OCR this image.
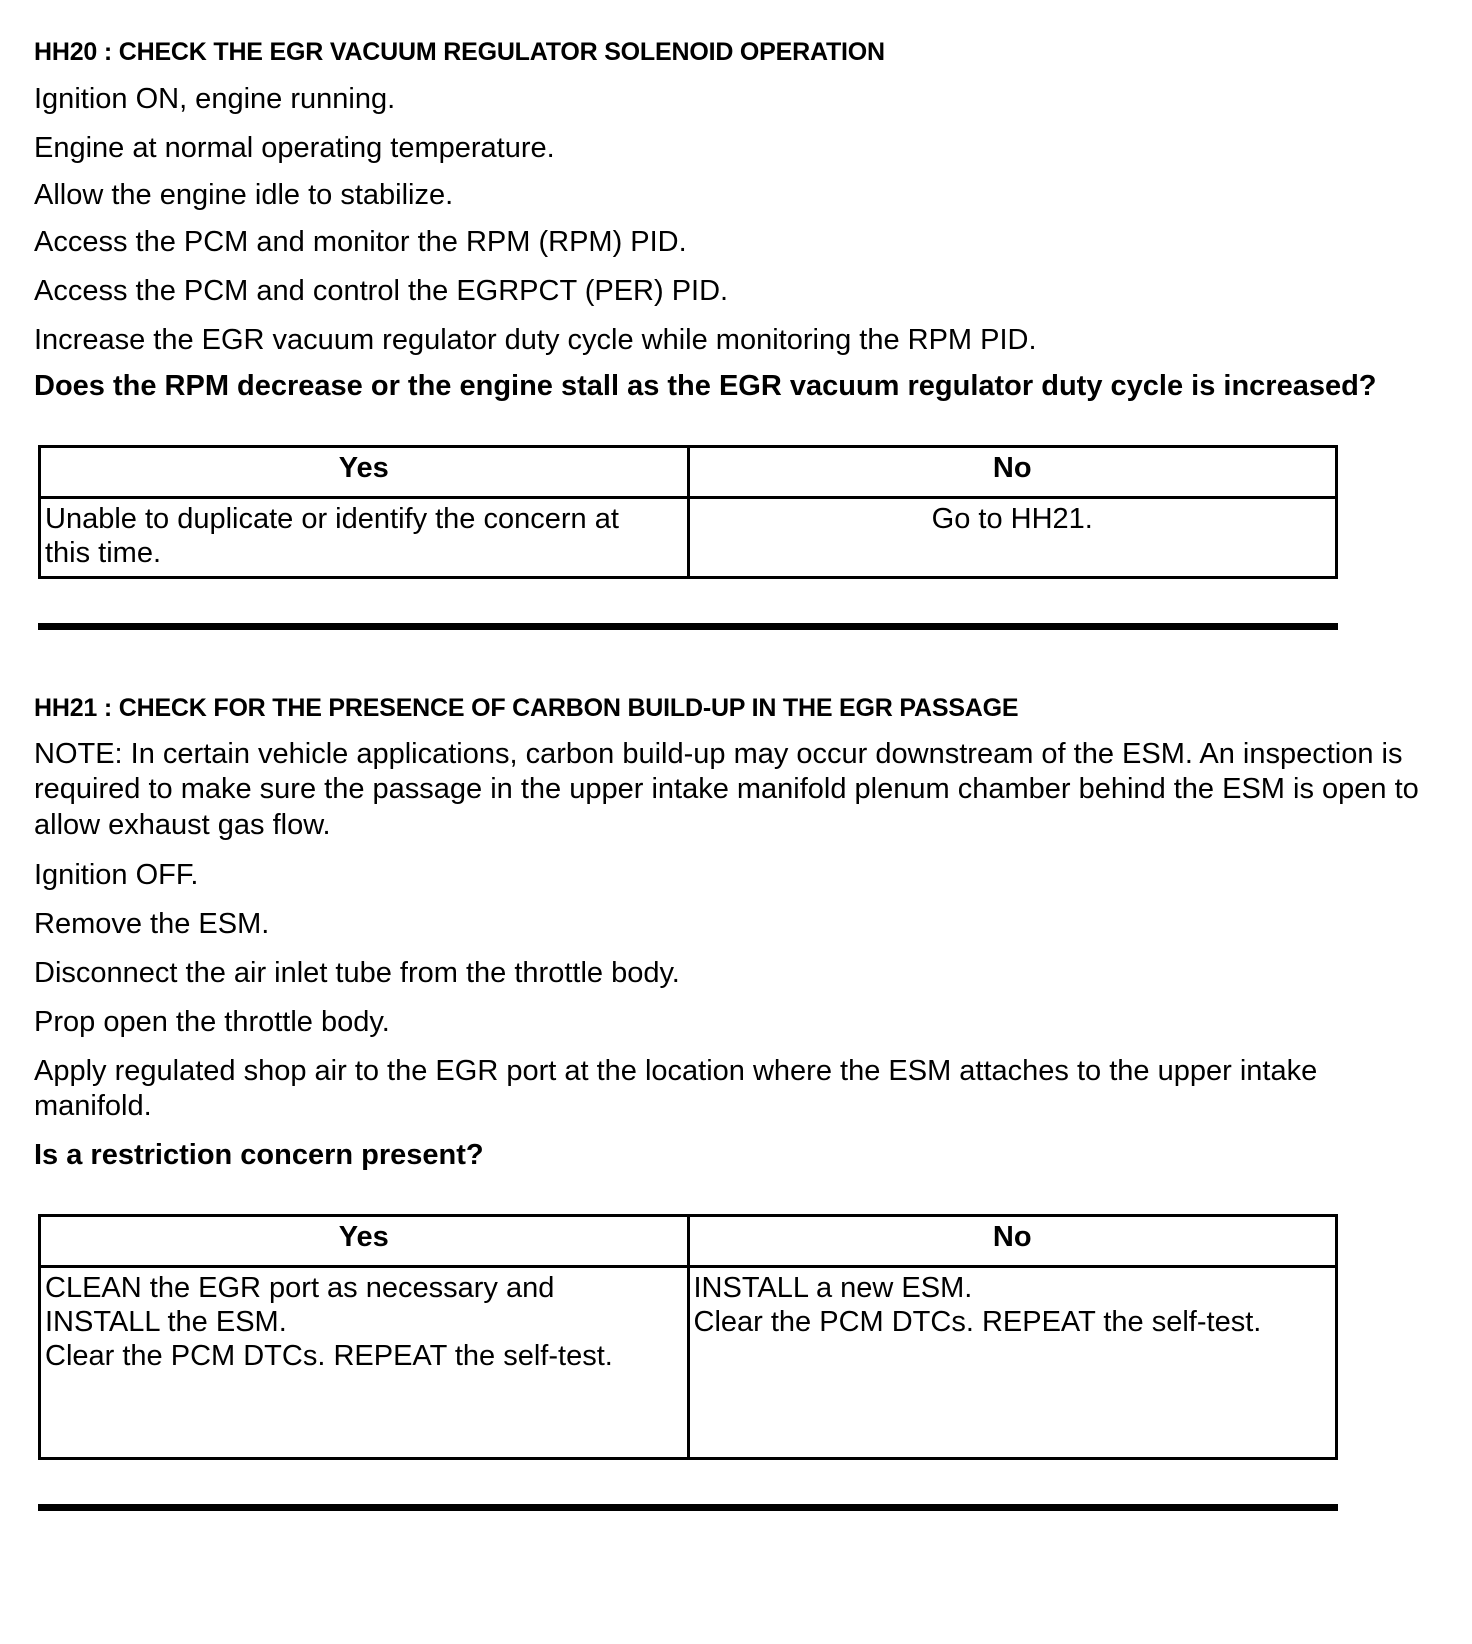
HH20 : CHECK THE EGR VACUUM REGULATOR SOLENOID OPERATION
Ignition ON, engine running.
Engine at normal operating temperature.
Allow the engine idle to stabilize.
Access the PCM and monitor the RPM (RPM) PID.
Access the PCM and control the EGRPCT (PER) PID.
Increase the EGR vacuum regulator duty cycle while monitoring the RPM PID.
Does the RPM decrease or the engine stall as the EGR vacuum regulator duty cycle is increased?
Yes	No

Unable to duplicate or identify the concern at
this time.	Go to HH21.
HH21 : CHECK FOR THE PRESENCE OF CARBON BUILD-UP IN THE EGR PASSAGE
NOTE: In certain vehicle applications, carbon build-up may occur downstream of the ESM. An inspection is required to make sure the passage in the upper intake manifold plenum chamber behind the ESM is open to allow exhaust gas flow.
Ignition OFF.
Remove the ESM.
Disconnect the air inlet tube from the throttle body.
Prop open the throttle body.
Apply regulated shop air to the EGR port at the location where the ESM attaches to the upper intake manifold.
Is a restriction concern present?
Yes	No

CLEAN the EGR port as necessary and
INSTALL the ESM.
Clear the PCM DTCs. REPEAT the self-test.	INSTALL a new ESM.
Clear the PCM DTCs. REPEAT the self-test.
